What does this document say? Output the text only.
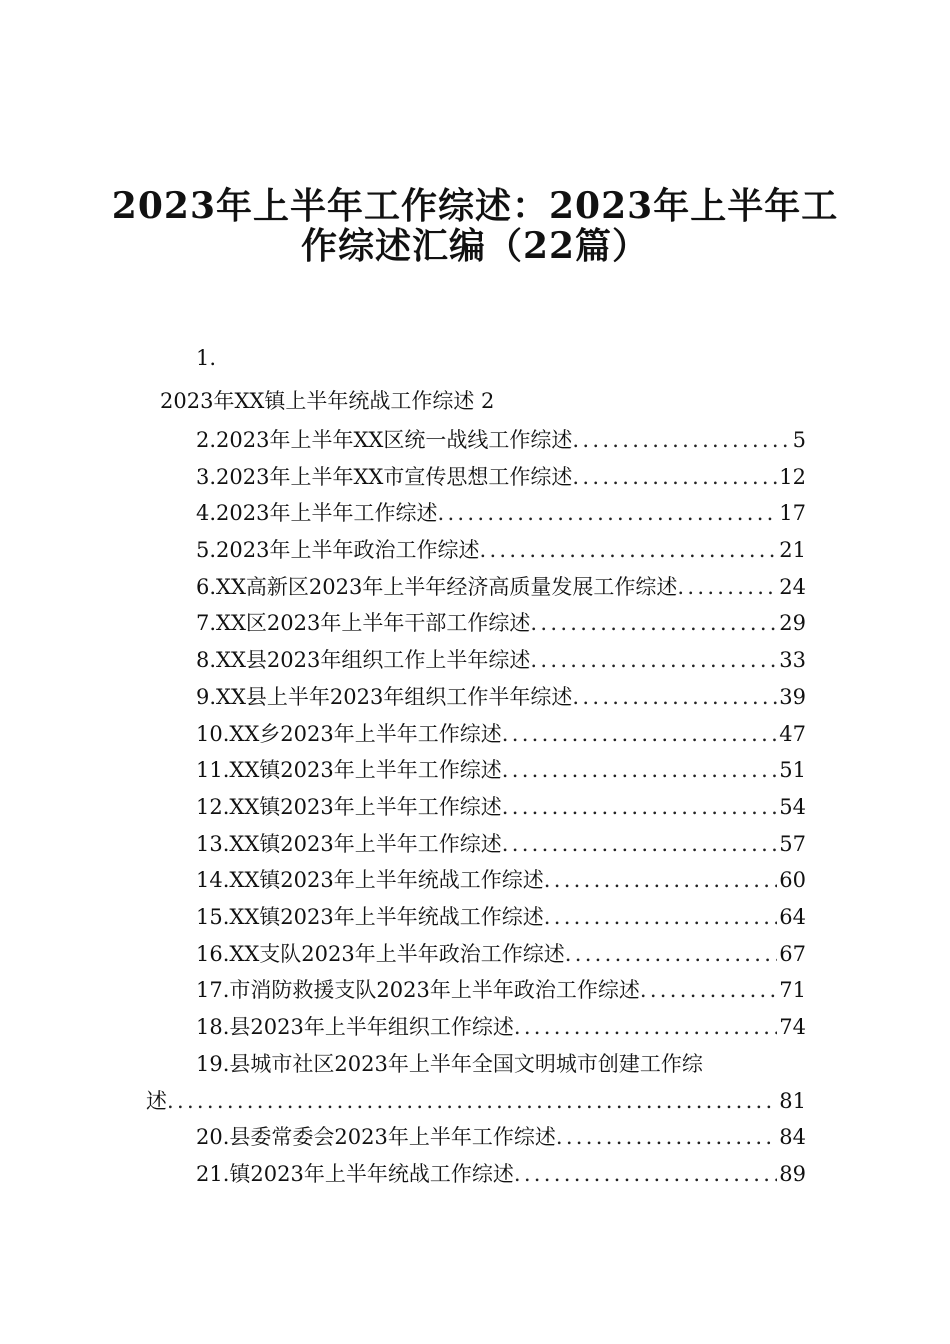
2023年上半年工作综述：2023年上半年工
作综述汇编（22篇）
1.
2023年XX镇上半年统战工作综述 2
2.2023年上半年XX区统一战线工作综述 .....	5
3.2023年上半年XX市宣传思想工作综述 .....	12
4.2023年上半年工作综述 .....	17
5.2023年上半年政治工作综述 .....	21
6.XX高新区2023年上半年经济高质量发展工作综述 .....	24
7.XX区2023年上半年干部工作综述 .....	29
8.XX县2023年组织工作上半年综述 .....	33
9.XX县上半年2023年组织工作半年综述 .....	39
10.XX乡2023年上半年工作综述 .....	47
11.XX镇2023年上半年工作综述 .....	51
12.XX镇2023年上半年工作综述 .....	54
13.XX镇2023年上半年工作综述 .....	57
14.XX镇2023年上半年统战工作综述 .....	60
15.XX镇2023年上半年统战工作综述 .....	64
16.XX支队2023年上半年政治工作综述 .....	67
17.市消防救援支队2023年上半年政治工作综述 .....	71
18.县2023年上半年组织工作综述 .....	74
19.县城市社区2023年上半年全国文明城市创建工作综
述 .....	81
20.县委常委会2023年上半年工作综述 .....	84
21.镇2023年上半年统战工作综述 .....	89
